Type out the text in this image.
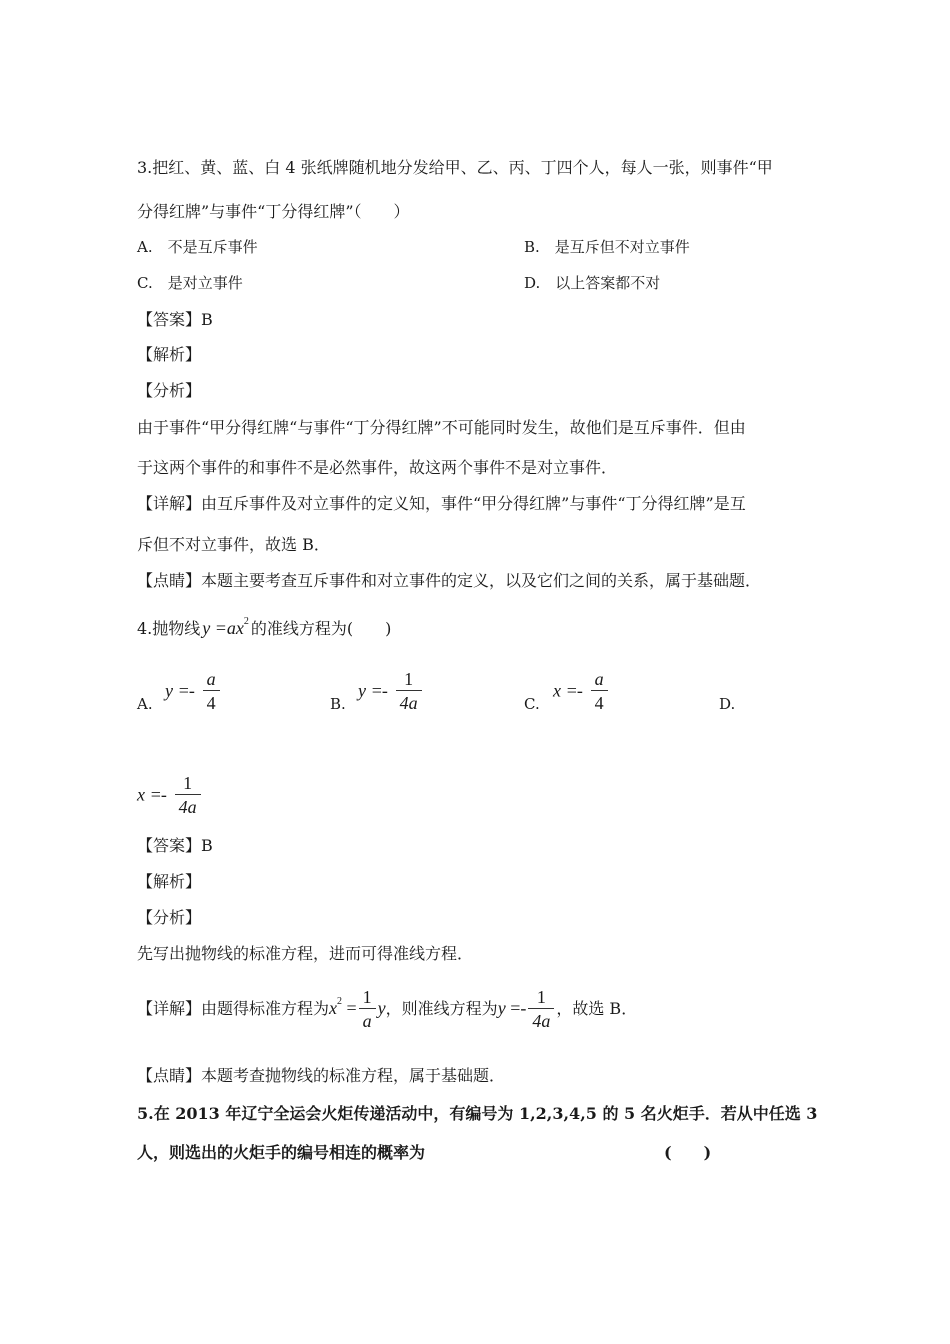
3.把红、黄、蓝、白 4 张纸牌随机地分发给甲、乙、丙、丁四个人，每人一张，则事件“甲
分得红牌”与事件“丁分得红牌”（　　）
A.　不是互斥事件	B.　是互斥但不对立事件
C.　是对立事件	D.　以上答案都不对
【答案】B
【解析】
【分析】
由于事件“甲分得红牌“与事件“丁分得红牌”不可能同时发生，故他们是互斥事件．但由
于这两个事件的和事件不是必然事件，故这两个事件不是对立事件．
【详解】由互斥事件及对立事件的定义知，事件“甲分得红牌”与事件“丁分得红牌”是互
斥但不对立事件，故选 B．
【点睛】本题主要考查互斥事件和对立事件的定义，以及它们之间的关系，属于基础题．
4.抛物线 $y =ax^2$ 的准线方程为(　　)
A.
$y =- \frac{a}{4}$	B.
$y =- \frac{1}{4a}$	C.
$x =- \frac{a}{4}$	D.
$x =- \frac{1}{4a}$
【答案】B
【解析】
【分析】
先写出抛物线的标准方程，进而可得准线方程．
【详解】由题得标准方程为$x^2 = \frac{1}{a}$ y，则准线方程为$y =- \frac{1}{4a}$ ，故选 B．
【点睛】本题考查抛物线的标准方程，属于基础题．
5.在 2013 年辽宁全运会火炬传递活动中，有编号为 1,2,3,4,5 的 5 名火炬手．若从中任选 3
人，则选出的火炬手的编号相连的概率为	(　　)
